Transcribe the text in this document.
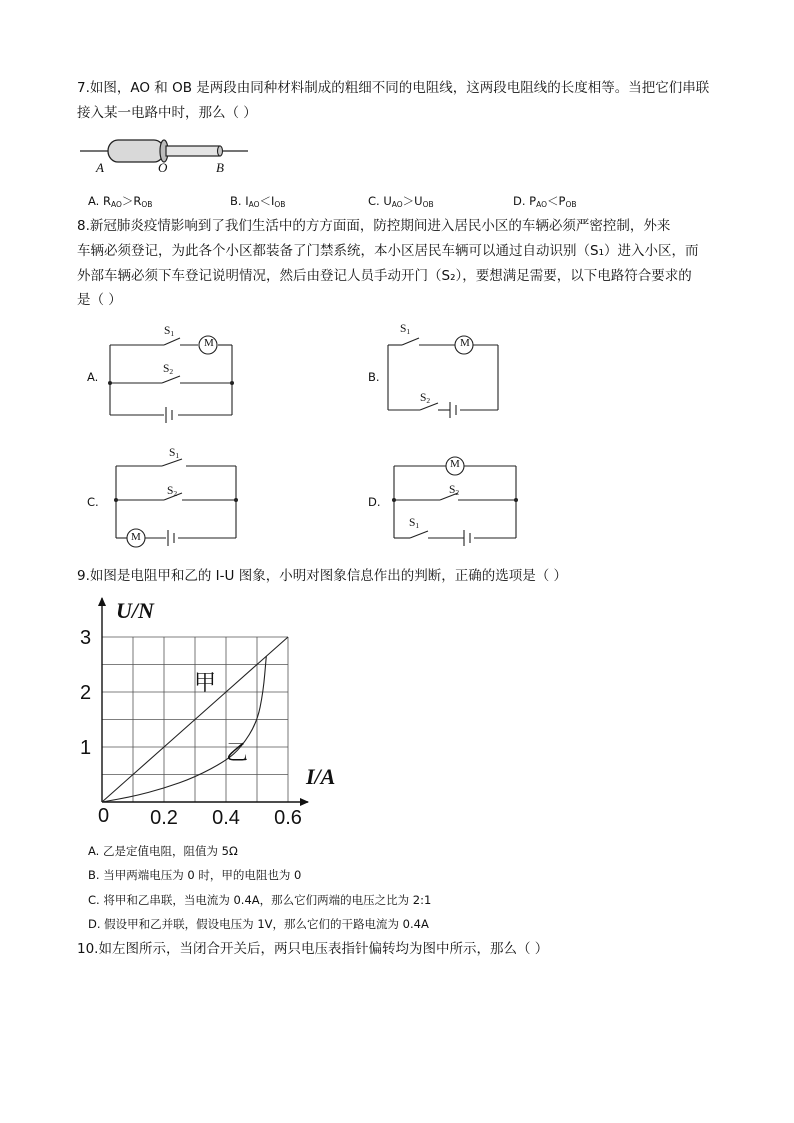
7.如图，AO 和 OB 是两段由同种材料制成的粗细不同的电阻线，这两段电阻线的长度相等。当把它们串联
接入某一电路中时，那么（ ）
A	O	B
A. $R_{AO}>R_{OB}$	B. $I_{AO}<I_{OB}$	C. $U_{AO}>U_{OB}$	D. $P_{AO}<P_{OB}$
8.新冠肺炎疫情影响到了我们生活中的方方面面，防控期间进入居民小区的车辆必须严密控制，外来
车辆必须登记，为此各个小区都装备了门禁系统，本小区居民车辆可以通过自动识别（S₁）进入小区，而
外部车辆必须下车登记说明情况，然后由登记人员手动开门（S₂），要想满足需要，以下电路符合要求的
是（ ）
A.	B.
C.	D.
M
$S_1$
$S_2$
M
$S_1$
$S_2$
M
$S_1$
$S_2$
M
$S_2$
$S_1$
9.如图是电阻甲和乙的 I-U 图象，小明对图象信息作出的判断，正确的选项是（ ）
0.2 0.4 0.6
1
2
3
0
U/N
I/A
甲
乙
A. 乙是定值电阻，阻值为 5Ω
B. 当甲两端电压为 0 时，甲的电阻也为 0
C. 将甲和乙串联，当电流为 0.4A，那么它们两端的电压之比为 2:1
D. 假设甲和乙并联，假设电压为 1V，那么它们的干路电流为 0.4A
10.如左图所示，当闭合开关后，两只电压表指针偏转均为图中所示，那么（ ）
